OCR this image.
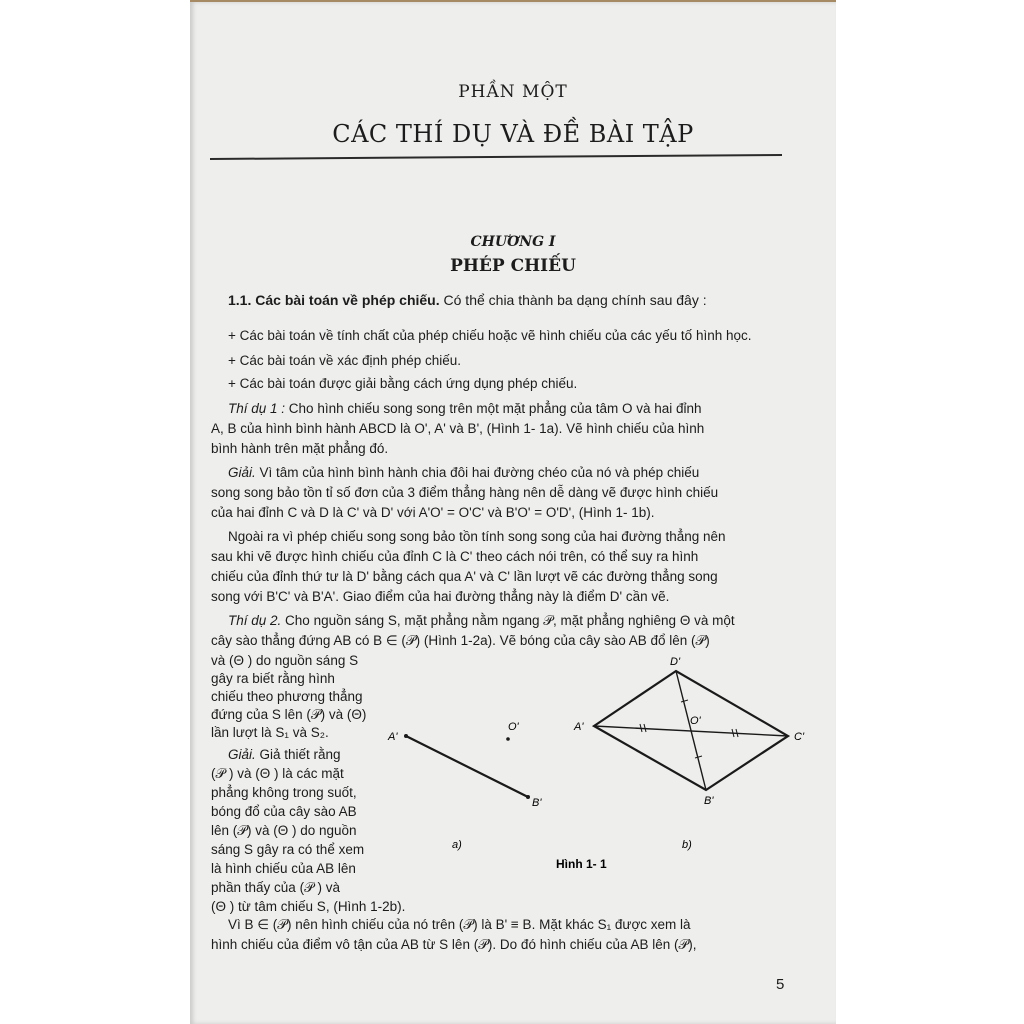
PHẦN MỘT
CÁC THÍ DỤ VÀ ĐỀ BÀI TẬP
CHƯƠNG I
PHÉP CHIẾU
1.1. Các bài toán về phép chiếu. Có thể chia thành ba dạng chính sau đây :
+ Các bài toán về tính chất của phép chiếu hoặc vẽ hình chiếu của các yếu tố hình học.
+ Các bài toán về xác định phép chiếu.
+ Các bài toán được giải bằng cách ứng dụng phép chiếu.
Thí dụ 1 : Cho hình chiếu song song trên một mặt phẳng của tâm O và hai đỉnh
A, B của hình bình hành ABCD là O', A' và B', (Hình 1- 1a). Vẽ hình chiếu của hình
bình hành trên mặt phẳng đó.
Giải. Vì tâm của hình bình hành chia đôi hai đường chéo của nó và phép chiếu
song song bảo tồn tỉ số đơn của 3 điểm thẳng hàng nên dễ dàng vẽ được hình chiếu
của hai đỉnh C và D là C' và D' với A'O' = O'C' và B'O' = O'D', (Hình 1- 1b).
Ngoài ra vì phép chiếu song song bảo tồn tính song song của hai đường thẳng nên
sau khi vẽ được hình chiếu của đỉnh C là C' theo cách nói trên, có thể suy ra hình
chiếu của đỉnh thứ tư là D' bằng cách qua A' và C' lần lượt vẽ các đường thẳng song
song với B'C' và B'A'. Giao điểm của hai đường thẳng này là điểm D' cần vẽ.
Thí dụ 2. Cho nguồn sáng S, mặt phẳng nằm ngang 𝒫, mặt phẳng nghiêng Θ và một
cây sào thẳng đứng AB có B ∈ (𝒫) (Hình 1-2a). Vẽ bóng của cây sào AB đổ lên (𝒫)
và (Θ ) do nguồn sáng S
gây ra biết rằng hình
chiếu theo phương thẳng
đứng của S lên (𝒫) và (Θ)
lần lượt là S₁ và S₂.
Giải. Giả thiết rằng
(𝒫 ) và (Θ ) là các mặt
phẳng không trong suốt,
bóng đổ của cây sào AB
lên (𝒫) và (Θ ) do nguồn
sáng S gây ra có thể xem
là hình chiếu của AB lên
phần thấy của (𝒫 ) và
(Θ ) từ tâm chiếu S, (Hình 1-2b).
Vì B ∈ (𝒫) nên hình chiếu của nó trên (𝒫) là B' ≡ B. Mặt khác S₁ được xem là
hình chiếu của điểm vô tận của AB từ S lên (𝒫). Do đó hình chiếu của AB lên (𝒫),
A'
O'
B'
a)
D'
A'	O'
C'
B'
b)
Hình 1- 1
5
